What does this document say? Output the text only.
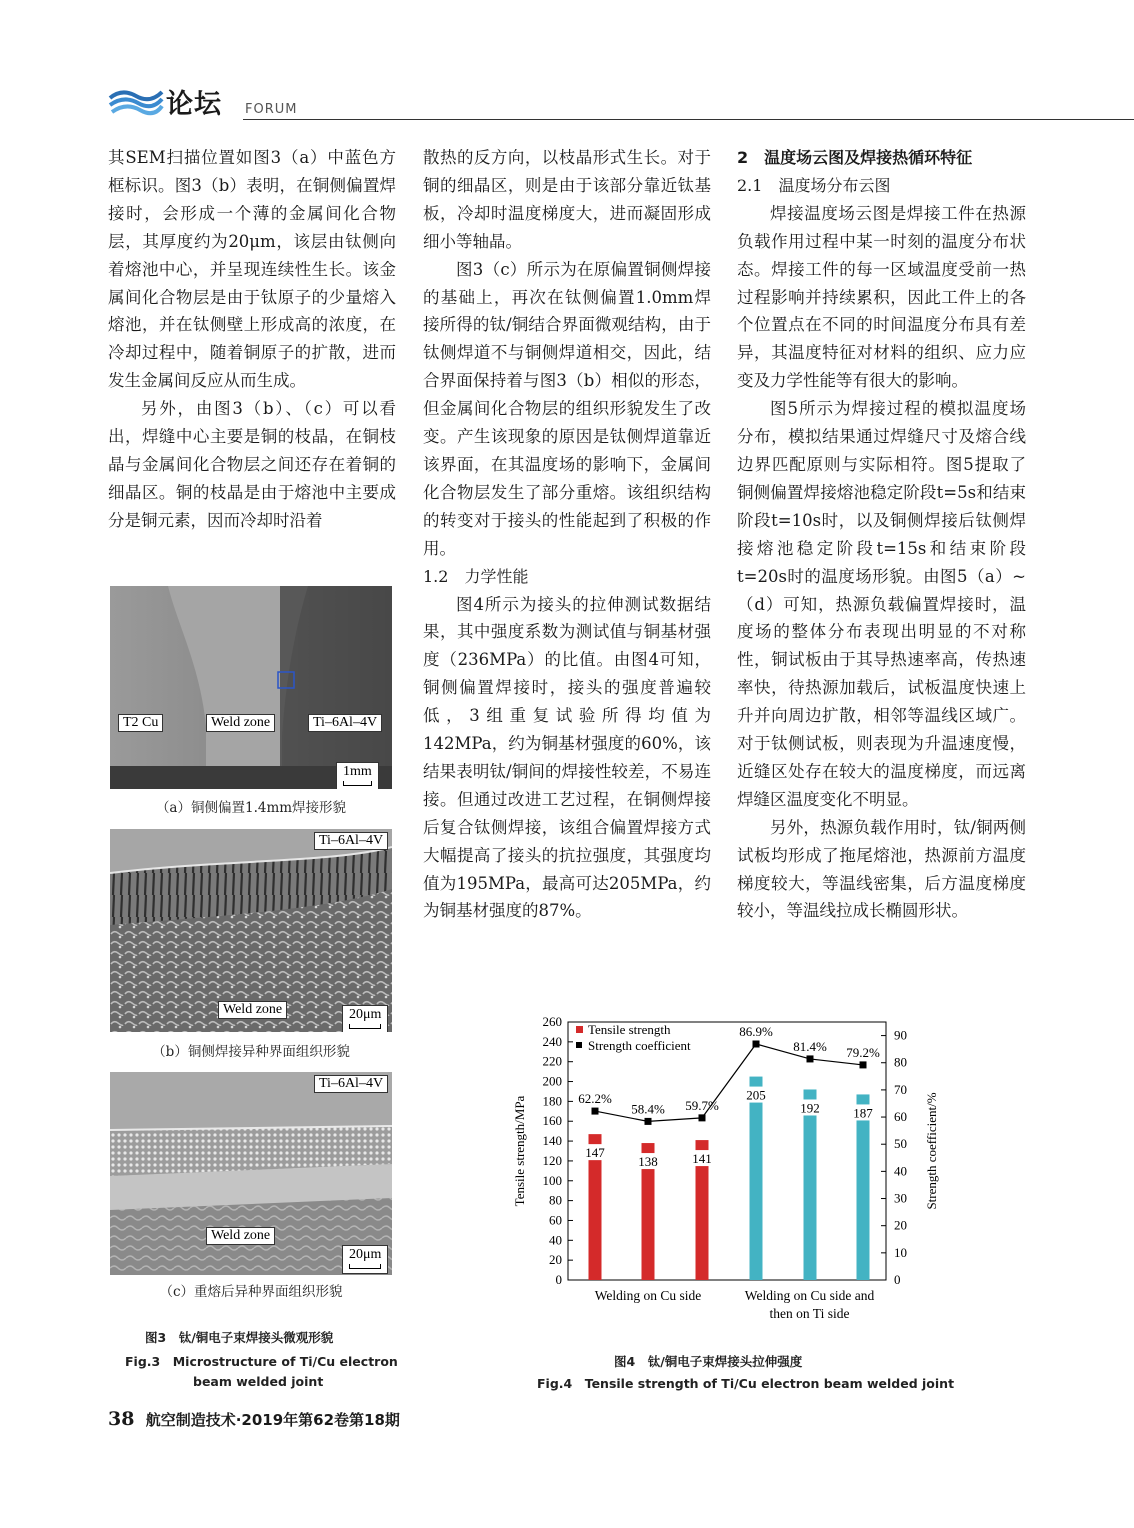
论坛 FORUM

其SEM扫描位置如图3（a）中蓝色方框标识。图3（b）表明，在铜侧偏置焊接时，会形成一个薄的金属间化合物层，其厚度约为20μm，该层由钛侧向着熔池中心，并呈现连续性生长。该金属间化合物层是由于钛原子的少量熔入熔池，并在钛侧壁上形成高的浓度，在冷却过程中，随着铜原子的扩散，进而发生金属间反应从而生成。

另外，由图3（b）、（c）可以看出，焊缝中心主要是铜的枝晶，在铜枝晶与金属间化合物层之间还存在着铜的细晶区。铜的枝晶是由于熔池中主要成分是铜元素，因而冷却时沿着

散热的反方向，以枝晶形式生长。对于铜的细晶区，则是由于该部分靠近钛基板，冷却时温度梯度大，进而凝固形成细小等轴晶。

图3（c）所示为在原偏置铜侧焊接的基础上，再次在钛侧偏置1.0mm焊接所得的钛/铜结合界面微观结构，由于钛侧焊道不与铜侧焊道相交，因此，结合界面保持着与图3（b）相似的形态，但金属间化合物层的组织形貌发生了改变。产生该现象的原因是钛侧焊道靠近该界面，在其温度场的影响下，金属间化合物层发生了部分重熔。该组织结构的转变对于接头的性能起到了积极的作用。

1.2　力学性能

图4所示为接头的拉伸测试数据结果，其中强度系数为测试值与铜基材强度（236MPa）的比值。由图4可知，铜侧偏置焊接时，接头的强度普遍较低，3组重复试验所得均值为142MPa，约为铜基材强度的60%，该结果表明钛/铜间的焊接性较差，不易连接。但通过改进工艺过程，在铜侧焊接后复合钛侧焊接，该组合偏置焊接方式大幅提高了接头的抗拉强度，其强度均值为195MPa，最高可达205MPa，约为铜基材强度的87%。

2　温度场云图及焊接热循环特征

2.1　温度场分布云图

焊接温度场云图是焊接工件在热源负载作用过程中某一时刻的温度分布状态。焊接工件的每一区域温度受前一热过程影响并持续累积，因此工件上的各个位置点在不同的时间温度分布具有差异，其温度特征对材料的组织、应力应变及力学性能等有很大的影响。

图5所示为焊接过程的模拟温度场分布，模拟结果通过焊缝尺寸及熔合线边界匹配原则与实际相符。图5提取了铜侧偏置焊接熔池稳定阶段t=5s和结束阶段t=10s时，以及铜侧焊接后钛侧焊接熔池稳定阶段t=15s和结束阶段t=20s时的温度场形貌。由图5（a）~（d）可知，热源负载偏置焊接时，温度场的整体分布表现出明显的不对称性，铜试板由于其导热速率高，传热速率快，待热源加载后，试板温度快速上升并向周边扩散，相邻等温线区域广。对于钛侧试板，则表现为升温速度慢，近缝区处存在较大的温度梯度，而远离焊缝区温度变化不明显。

另外，热源负载作用时，钛/铜两侧试板均形成了拖尾熔池，热源前方温度梯度较大，等温线密集，后方温度梯度较小，等温线拉成长椭圆形状。

T2 Cu	Weld zone	Ti–6Al–4V
1mm
（a）铜侧偏置1.4mm焊接形貌
Ti–6Al–4V
Weld zone	20μm
（b）铜侧焊接异种界面组织形貌
Ti–6Al–4V
Weld zone
20μm
（c）重熔后异种界面组织形貌
图3　钛/铜电子束焊接头微观形貌
Fig.3　Microstructure of Ti/Cu electron
beam welded joint
0
20
40
60
80
100
120
140
160
180
200
220
240
260
0
10
20
30
40
50
60
70
80
90
Tensile strength/MPa	Strength coefficient/%
Welding on Cu side	Welding on Cu side and
then on Ti side
147
138	141
205
192	187
62.2%
58.4% 59.7%
86.9%
81.4% 79.2%
Tensile strength
Strength coefficient
图4　钛/铜电子束焊接头拉伸强度
Fig.4　Tensile strength of Ti/Cu electron beam welded joint
38 航空制造技术·2019年第62卷第18期
